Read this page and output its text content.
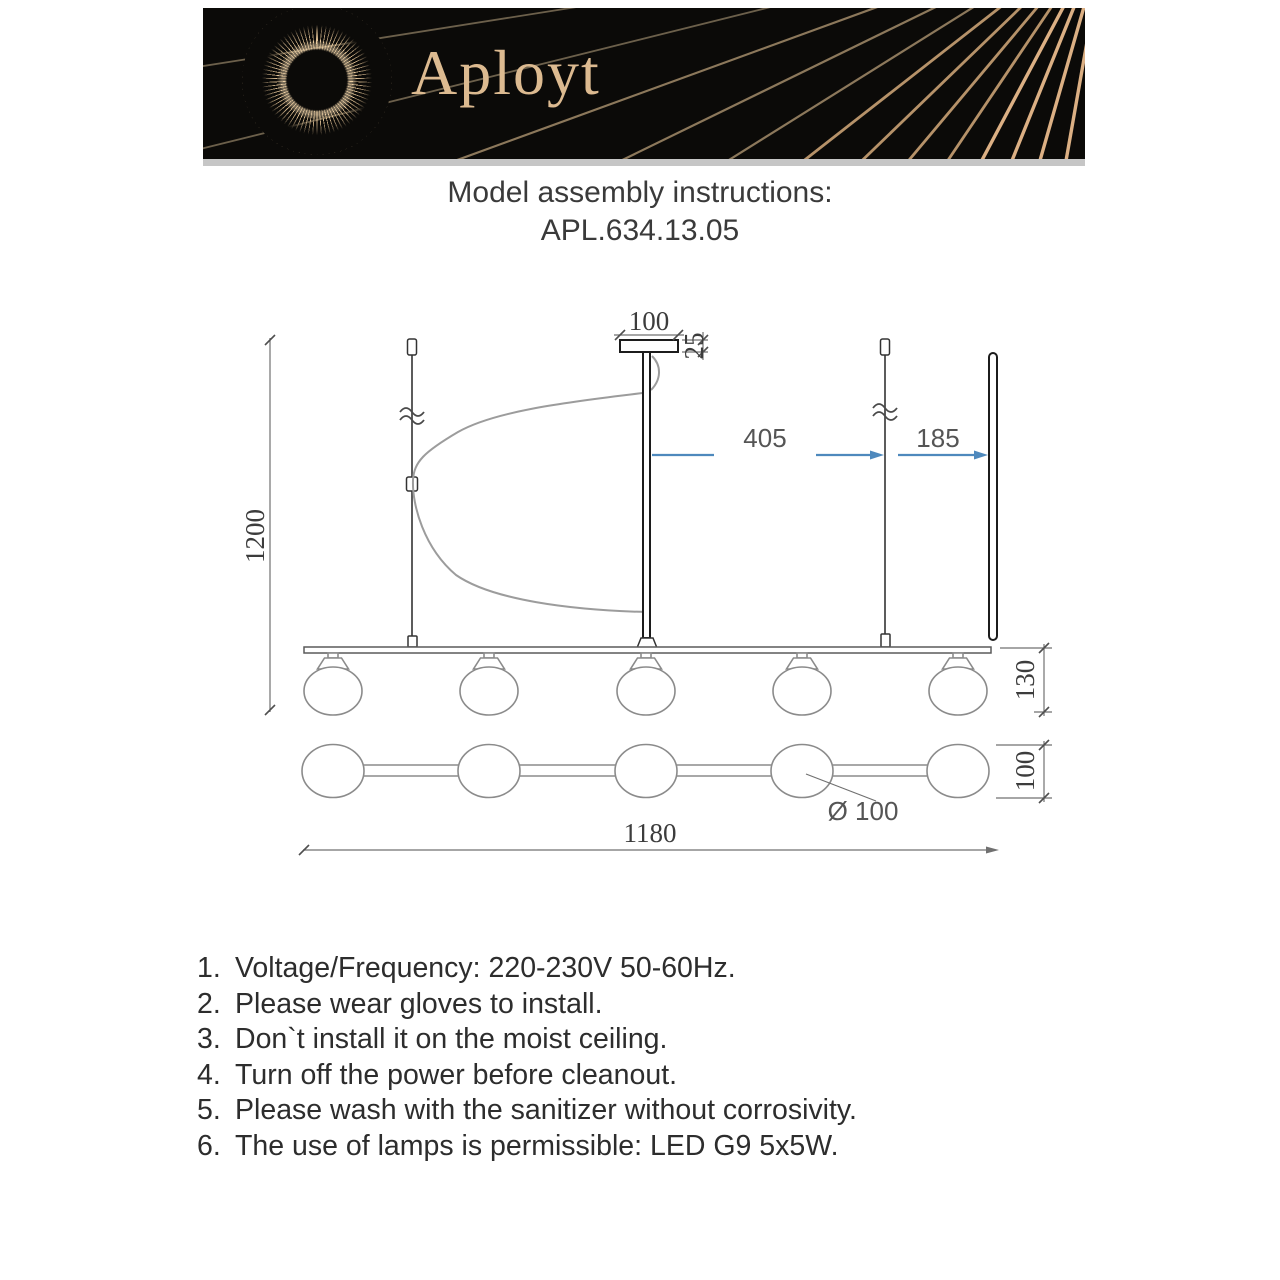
Aployt
Model assembly instructions:
APL.634.13.05
1200
100
25
405	185
130
Ø 100
100
1180
1. Voltage/Frequency: 220-230V 50-60Hz.
2. Please wear gloves to install.
3. Don`t install it on the moist ceiling.
4. Turn off the power before cleanout.
5. Please wash with the sanitizer without corrosivity.
6. The use of lamps is permissible: LED G9 5x5W.
